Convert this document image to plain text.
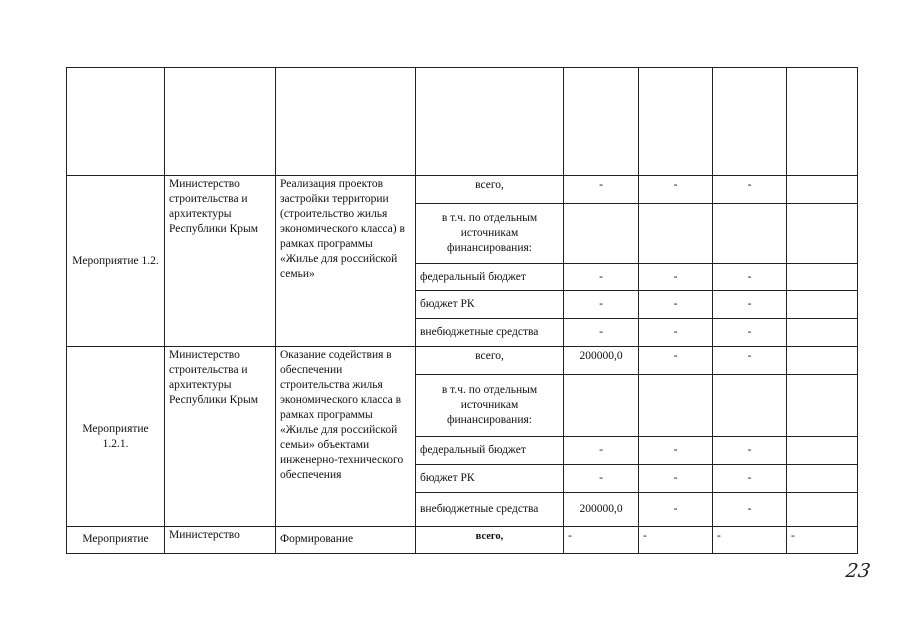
Мероприятие 1.2.	Министерство строительства и архитектуры Республики Крым	Реализация проектов застройки территории (строительство жилья экономического класса) в рамках программы «Жилье для российской семьи»	всего,	-	-	-	
			в т.ч. по отдельным источникам финансирования:				
			федеральный бюджет	-	-	-	
			бюджет РК	-	-	-	
			внебюджетные средства	-	-	-	
Мероприятие 1.2.1.	Министерство строительства и архитектуры Республики Крым	Оказание содействия в обеспечении строительства жилья экономического класса в рамках программы «Жилье для российской семьи» объектами инженерно-технического обеспечения	всего,	200000,0	-	-	
			в т.ч. по отдельным источникам финансирования:				
			федеральный бюджет	-	-	-	
			бюджет РК	-	-	-	
			внебюджетные средства	200000,0	-	-	
Мероприятие	Министерство	Формирование	всего,	-	-	-	-
23
